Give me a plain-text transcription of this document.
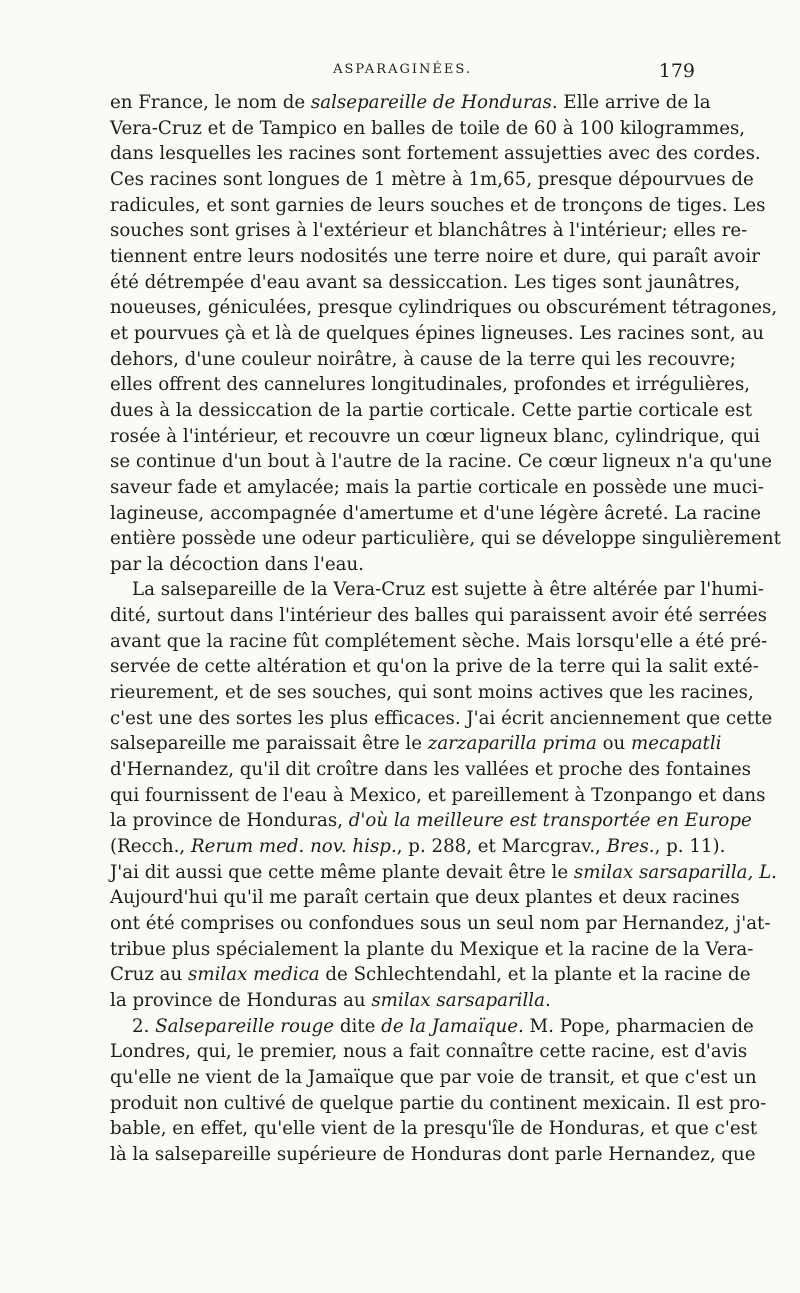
ASPARAGINÉES.	179
en France, le nom de salsepareille de Honduras. Elle arrive de la
Vera-Cruz et de Tampico en balles de toile de 60 à 100 kilogrammes,
dans lesquelles les racines sont fortement assujetties avec des cordes.
Ces racines sont longues de 1 mètre à 1m,65, presque dépourvues de
radicules, et sont garnies de leurs souches et de tronçons de tiges. Les
souches sont grises à l'extérieur et blanchâtres à l'intérieur; elles re-
tiennent entre leurs nodosités une terre noire et dure, qui paraît avoir
été détrempée d'eau avant sa dessiccation. Les tiges sont jaunâtres,
noueuses, géniculées, presque cylindriques ou obscurément tétragones,
et pourvues çà et là de quelques épines ligneuses. Les racines sont, au
dehors, d'une couleur noirâtre, à cause de la terre qui les recouvre;
elles offrent des cannelures longitudinales, profondes et irrégulières,
dues à la dessiccation de la partie corticale. Cette partie corticale est
rosée à l'intérieur, et recouvre un cœur ligneux blanc, cylindrique, qui
se continue d'un bout à l'autre de la racine. Ce cœur ligneux n'a qu'une
saveur fade et amylacée; mais la partie corticale en possède une muci-
lagineuse, accompagnée d'amertume et d'une légère âcreté. La racine
entière possède une odeur particulière, qui se développe singulièrement
par la décoction dans l'eau.
La salsepareille de la Vera-Cruz est sujette à être altérée par l'humi-
dité, surtout dans l'intérieur des balles qui paraissent avoir été serrées
avant que la racine fût complétement sèche. Mais lorsqu'elle a été pré-
servée de cette altération et qu'on la prive de la terre qui la salit exté-
rieurement, et de ses souches, qui sont moins actives que les racines,
c'est une des sortes les plus efficaces. J'ai écrit anciennement que cette
salsepareille me paraissait être le zarzaparilla prima ou mecapatli
d'Hernandez, qu'il dit croître dans les vallées et proche des fontaines
qui fournissent de l'eau à Mexico, et pareillement à Tzonpango et dans
la province de Honduras, d'où la meilleure est transportée en Europe
(Recch., Rerum med. nov. hisp., p. 288, et Marcgrav., Bres., p. 11).
J'ai dit aussi que cette même plante devait être le smilax sarsaparilla, L.
Aujourd'hui qu'il me paraît certain que deux plantes et deux racines
ont été comprises ou confondues sous un seul nom par Hernandez, j'at-
tribue plus spécialement la plante du Mexique et la racine de la Vera-
Cruz au smilax medica de Schlechtendahl, et la plante et la racine de
la province de Honduras au smilax sarsaparilla.
2. Salsepareille rouge dite de la Jamaïque. M. Pope, pharmacien de
Londres, qui, le premier, nous a fait connaître cette racine, est d'avis
qu'elle ne vient de la Jamaïque que par voie de transit, et que c'est un
produit non cultivé de quelque partie du continent mexicain. Il est pro-
bable, en effet, qu'elle vient de la presqu'île de Honduras, et que c'est
là la salsepareille supérieure de Honduras dont parle Hernandez, que
